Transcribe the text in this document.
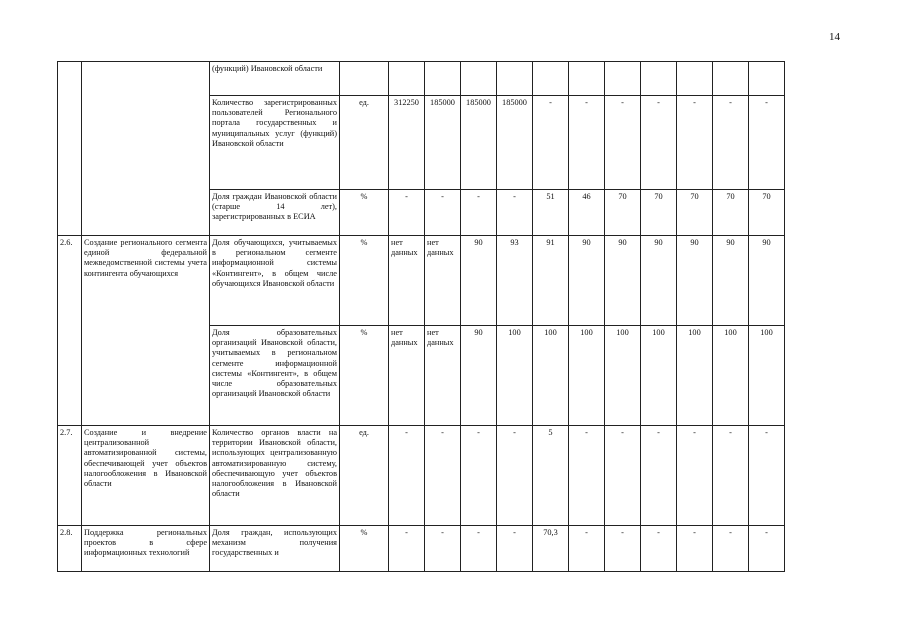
14
		(функций) Ивановской области												
		Количество зарегистрированных пользователей Регионального портала государственных и муниципальных услуг (функций) Ивановской области	ед.	312250	185000	185000	185000	-	-	-	-	-	-	-
		Доля граждан Ивановской области (старше 14 лет), зарегистрированных в ЕСИА	%	-	-	-	-	51	46	70	70	70	70	70
2.6.	Создание регионального сегмента единой федеральной межведомственной системы учета контингента обучающихся	Доля обучающихся, учитываемых в региональном сегменте информационной системы «Контингент», в общем числе обучающихся Ивановской области	%	нет данных	нет данных	90	93	91	90	90	90	90	90	90
		Доля образовательных организаций Ивановской области, учитываемых в региональном сегменте информационной системы «Контингент», в общем числе образовательных организаций Ивановской области	%	нет данных	нет данных	90	100	100	100	100	100	100	100	100
2.7.	Создание и внедрение централизованной автоматизированной системы, обеспечивающей учет объектов налогообложения в Ивановской области	Количество органов власти на территории Ивановской области, использующих централизованную автоматизированную систему, обеспечивающую учет объектов налогообложения в Ивановской области	ед.	-	-	-	-	5	-	-	-	-	-	-
2.8.	Поддержка региональных проектов в сфере информационных технологий	Доля граждан, использующих механизм получения государственных и	%	-	-	-	-	70,3	-	-	-	-	-	-
